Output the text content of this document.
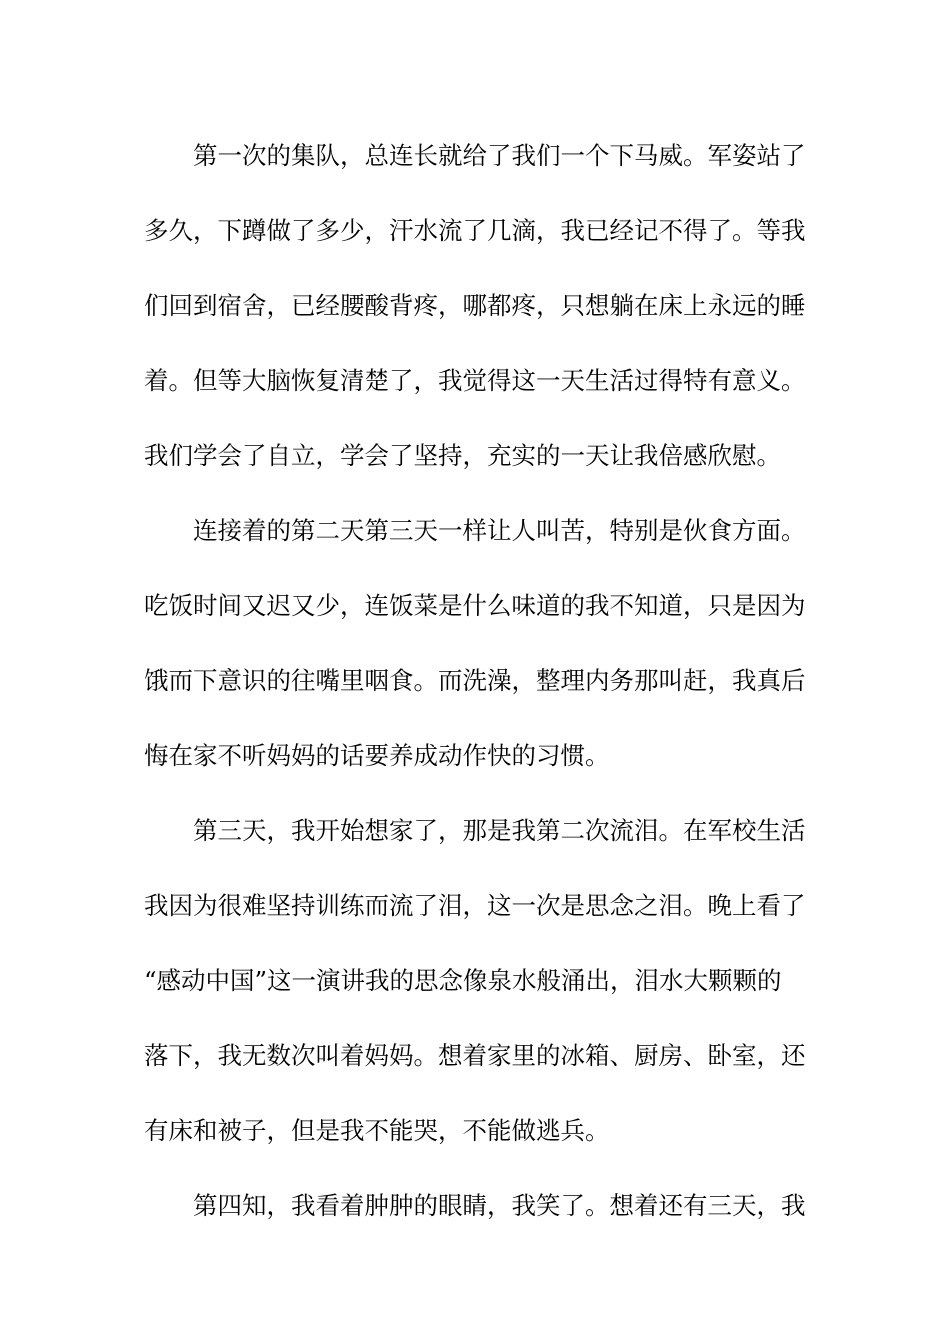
第一次的集队，总连长就给了我们一个下马威。军姿站了
多久，下蹲做了多少，汗水流了几滴，我已经记不得了。等我
们回到宿舍，已经腰酸背疼，哪都疼，只想躺在床上永远的睡
着。但等大脑恢复清楚了，我觉得这一天生活过得特有意义。
我们学会了自立，学会了坚持，充实的一天让我倍感欣慰。
连接着的第二天第三天一样让人叫苦，特别是伙食方面。
吃饭时间又迟又少，连饭菜是什么味道的我不知道，只是因为
饿而下意识的往嘴里咽食。而洗澡，整理内务那叫赶，我真后
悔在家不听妈妈的话要养成动作快的习惯。
第三天，我开始想家了，那是我第二次流泪。在军校生活
我因为很难坚持训练而流了泪，这一次是思念之泪。晚上看了
“感动中国”这一演讲我的思念像泉水般涌出，泪水大颗颗的
落下，我无数次叫着妈妈。想着家里的冰箱、厨房、卧室，还
有床和被子，但是我不能哭，不能做逃兵。
第四知，我看着肿肿的眼睛，我笑了。想着还有三天，我
